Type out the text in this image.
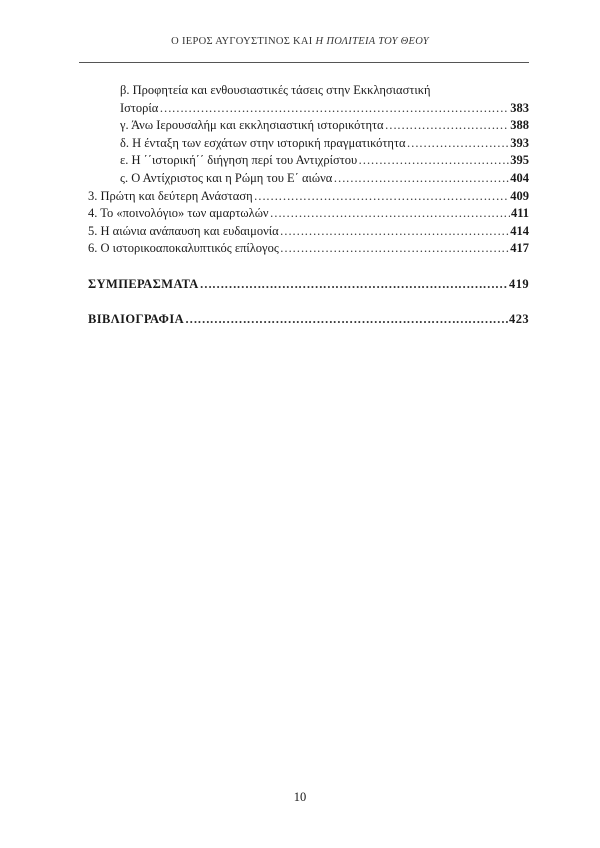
Ο ΙΕΡΟΣ ΑΥΓΟΥΣΤΙΝΟΣ ΚΑΙ Η ΠΟΛΙΤΕΙΑ ΤΟΥ ΘΕΟΥ
β. Προφητεία και ενθουσιαστικές τάσεις στην Εκκλησιαστική
Ιστορία ……………………………………………………………………………………………………………………………………………………	383
γ. Άνω Ιερουσαλήμ και εκκλησιαστική ιστορικότητα ……………………………………………………………………………………………………………………………………………………	388
δ. Η ένταξη των εσχάτων στην ιστορική πραγματικότητα ……………………………………………………………………………………………………………………………………………………	393
ε. Η ΄΄ιστορική΄΄ διήγηση περί του Αντιχρίστου ……………………………………………………………………………………………………………………………………………………	395
ς. Ο Αντίχριστος και η Ρώμη του Ε΄ αιώνα ……………………………………………………………………………………………………………………………………………………	404
3. Πρώτη και δεύτερη Ανάσταση ……………………………………………………………………………………………………………………………………………………	409
4. Το «ποινολόγιο» των αμαρτωλών ……………………………………………………………………………………………………………………………………………………	411
5. Η αιώνια ανάπαυση και ευδαιμονία ……………………………………………………………………………………………………………………………………………………	414
6. Ο ιστορικοαποκαλυπτικός επίλογος ……………………………………………………………………………………………………………………………………………………	417
ΣΥΜΠΕΡΑΣΜΑΤΑ ……………………………………………………………………………………………………………………………………………………	419
ΒΙΒΛΙΟΓΡΑΦΙΑ ……………………………………………………………………………………………………………………………………………………	423
10
